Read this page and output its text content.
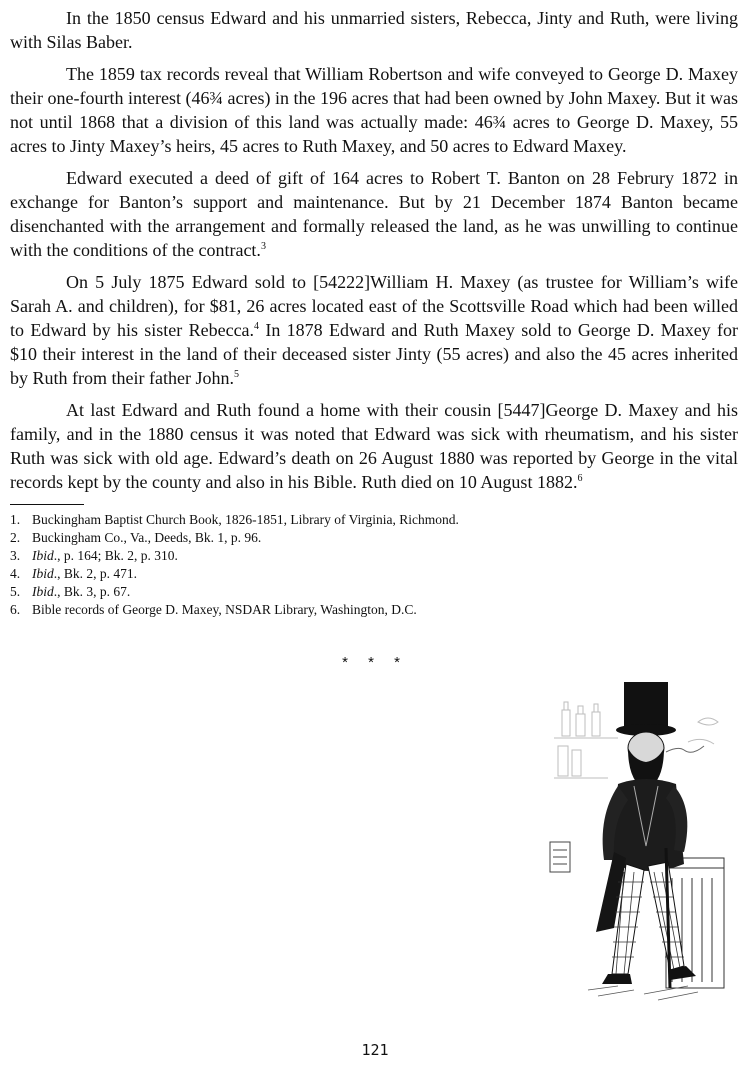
In the 1850 census Edward and his unmarried sisters, Rebecca, Jinty and Ruth, were living with Silas Baber.

The 1859 tax records reveal that William Robertson and wife conveyed to George D. Maxey their one-fourth interest (46¾ acres) in the 196 acres that had been owned by John Maxey. But it was not until 1868 that a division of this land was actually made: 46¾ acres to George D. Maxey, 55 acres to Jinty Maxey’s heirs, 45 acres to Ruth Maxey, and 50 acres to Edward Maxey.

Edward executed a deed of gift of 164 acres to Robert T. Banton on 28 Februry 1872 in exchange for Banton’s support and maintenance. But by 21 December 1874 Banton became disenchanted with the arrangement and formally released the land, as he was unwilling to continue with the conditions of the contract.$^3$

On 5 July 1875 Edward sold to [54222]William H. Maxey (as trustee for William’s wife Sarah A. and children), for $81, 26 acres located east of the Scottsville Road which had been willed to Edward by his sister Rebecca.$^4$ In 1878 Edward and Ruth Maxey sold to George D. Maxey for $10 their interest in the land of their deceased sister Jinty (55 acres) and also the 45 acres inherited by Ruth from their father John.$^5$

At last Edward and Ruth found a home with their cousin [5447]George D. Maxey and his family, and in the 1880 census it was noted that Edward was sick with rheumatism, and his sister Ruth was sick with old age. Edward’s death on 26 August 1880 was reported by George in the vital records kept by the county and also in his Bible. Ruth died on 10 August 1882.$^6$

1. Buckingham Baptist Church Book, 1826-1851, Library of Virginia, Richmond.
2. Buckingham Co., Va., Deeds, Bk. 1, p. 96.
3. Ibid., p. 164; Bk. 2, p. 310.
4. Ibid., Bk. 2, p. 471.
5. Ibid., Bk. 3, p. 67.
6. Bible records of George D. Maxey, NSDAR Library, Washington, D.C.
* * *
121
